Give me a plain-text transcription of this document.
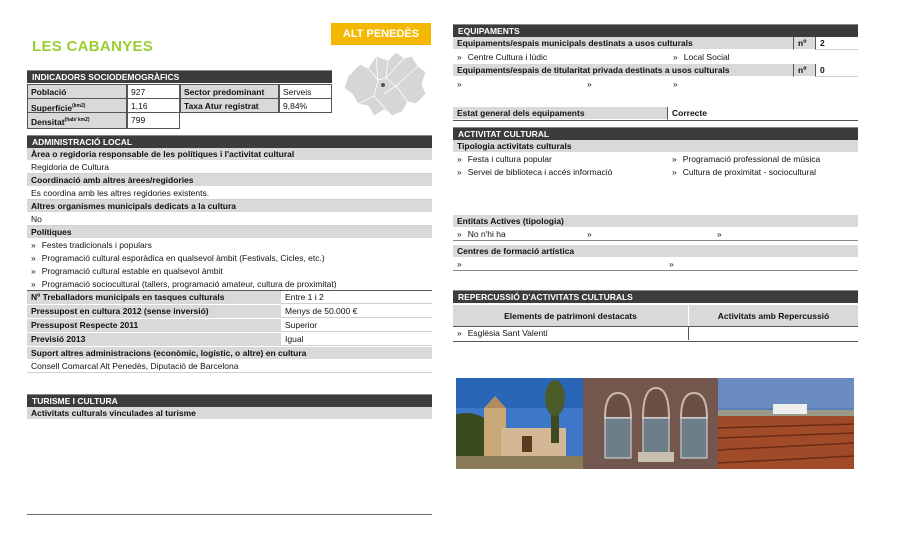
LES CABANYES
ALT PENEDÈS
INDICADORS SOCIODEMOGRÀFICS
Població	927	Sector predominant	Serveis
Superfície$^{(km2)}$	1,16	Taxa Atur registrat	9,84%
Densitat$^{(hab/ km2)}$	799
ADMINISTRACIÓ LOCAL
Àrea o regidoria responsable de les polítiques i l'activitat cultural
Regidoria de Cultura
Coordinació amb altres àrees/regidories
Es coordina amb les altres regidories existents.
Altres organismes municipals dedicats a la cultura
No
Polítiques
» Festes tradicionals i populars
» Programació cultural esporàdica en qualsevol àmbit (Festivals, Cicles, etc.)
» Programació cultural estable en qualsevol àmbit
» Programació sociocultural (tallers, programació amateur, cultura de proximitat)
Nº Treballadors municipals en tasques culturals	Entre 1 i 2
Pressupost en cultura 2012 (sense inversió)	Menys de 50.000 €
Pressupost Respecte 2011	Superior
Previsió 2013	Igual
Suport altres administracions (econòmic, logístic, o altre) en cultura
Consell Comarcal Alt Penedès, Diputació de Barcelona
TURISME I CULTURA
Activitats culturals vinculades al turisme
EQUIPAMENTS
Equipaments/espais municipals destinats a usos culturals	nº	2
» Centre Cultura i lúdic	» Local Social
Equipaments/espais de titularitat privada destinats a usos culturals	nº	0
»	»	»
Estat general dels equipaments	Correcte
ACTIVITAT CULTURAL
Tipologia activitats culturals
» Festa i cultura popular	» Programació professional de música
» Servei de biblioteca i accés informació	» Cultura de proximitat - sociocultural
Entitats Actives (tipologia)
» No n'hi ha	»	»
Centres de formació artística
»	»
REPERCUSSIÓ D'ACTIVITATS CULTURALS
Elements de patrimoni destacats	Activitats amb Repercussió
» Església Sant Valentí
